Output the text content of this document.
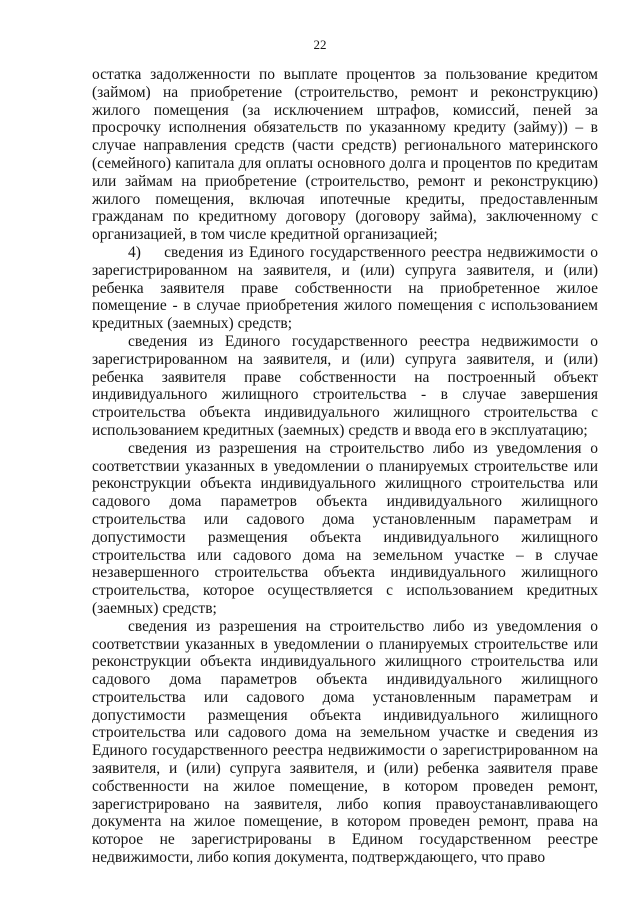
22

остатка задолженности по выплате процентов за пользование кредитом (займом) на приобретение (строительство, ремонт и реконструкцию) жилого помещения (за исключением штрафов, комиссий, пеней за просрочку исполнения обязательств по указанному кредиту (займу)) – в случае направления средств (части средств) регионального материнского (семейного) капитала для оплаты основного долга и процентов по кредитам или займам на приобретение (строительство, ремонт и реконструкцию) жилого помещения, включая ипотечные кредиты, предоставленным гражданам по кредитному договору (договору займа), заключенному с организацией, в том числе кредитной организацией;

4)  сведения из Единого государственного реестра недвижимости о зарегистрированном на заявителя, и (или) супруга заявителя, и (или) ребенка заявителя праве собственности на приобретенное жилое помещение - в случае приобретения жилого помещения с использованием кредитных (заемных) средств;

сведения из Единого государственного реестра недвижимости о зарегистрированном на заявителя, и (или) супруга заявителя, и (или) ребенка заявителя праве собственности на построенный объект индивидуального жилищного строительства - в случае завершения строительства объекта индивидуального жилищного строительства с использованием кредитных (заемных) средств и ввода его в эксплуатацию;

сведения из разрешения на строительство либо из уведомления о соответствии указанных в уведомлении о планируемых строительстве или реконструкции объекта индивидуального жилищного строительства или садового дома параметров объекта индивидуального жилищного строительства или садового дома установленным параметрам и допустимости размещения объекта индивидуального жилищного строительства или садового дома на земельном участке – в случае незавершенного строительства объекта индивидуального жилищного строительства, которое осуществляется с использованием кредитных (заемных) средств;

сведения из разрешения на строительство либо из уведомления о соответствии указанных в уведомлении о планируемых строительстве или реконструкции объекта индивидуального жилищного строительства или садового дома параметров объекта индивидуального жилищного строительства или садового дома установленным параметрам и допустимости размещения объекта индивидуального жилищного строительства или садового дома на земельном участке и сведения из Единого государственного реестра недвижимости о зарегистрированном на заявителя, и (или) супруга заявителя, и (или) ребенка заявителя праве собственности на жилое помещение, в котором проведен ремонт, зарегистрировано на заявителя, либо копия правоустанавливающего документа на жилое помещение, в котором проведен ремонт, права на которое не зарегистрированы в Едином государственном реестре недвижимости, либо копия документа, подтверждающего, что право
